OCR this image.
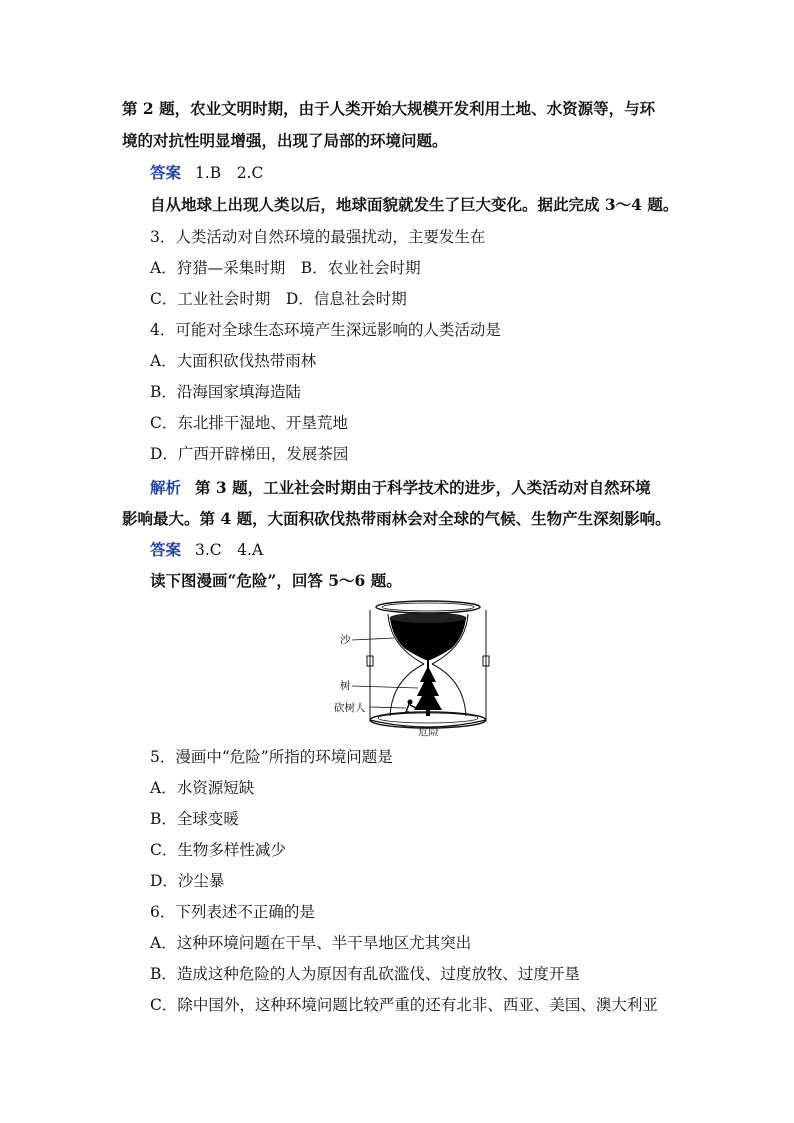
第 2 题，农业文明时期，由于人类开始大规模开发利用土地、水资源等，与环
境的对抗性明显增强，出现了局部的环境问题。
答案 1.B　2.C
自从地球上出现人类以后，地球面貌就发生了巨大变化。据此完成 3～4 题。
3．人类活动对自然环境的最强扰动，主要发生在
A．狩猎—采集时期　B．农业社会时期
C．工业社会时期　D．信息社会时期
4．可能对全球生态环境产生深远影响的人类活动是
A．大面积砍伐热带雨林
B．沿海国家填海造陆
C．东北排干湿地、开垦荒地
D．广西开辟梯田，发展茶园
解析 第 3 题，工业社会时期由于科学技术的进步，人类活动对自然环境
影响最大。第 4 题，大面积砍伐热带雨林会对全球的气候、生物产生深刻影响。
答案 3.C　4.A
读下图漫画“危险”，回答 5～6 题。
沙
树
砍树人
危险
5．漫画中“危险”所指的环境问题是
A．水资源短缺
B．全球变暖
C．生物多样性减少
D．沙尘暴
6．下列表述不正确的是
A．这种环境问题在干旱、半干旱地区尤其突出
B．造成这种危险的人为原因有乱砍滥伐、过度放牧、过度开垦
C．除中国外，这种环境问题比较严重的还有北非、西亚、美国、澳大利亚
